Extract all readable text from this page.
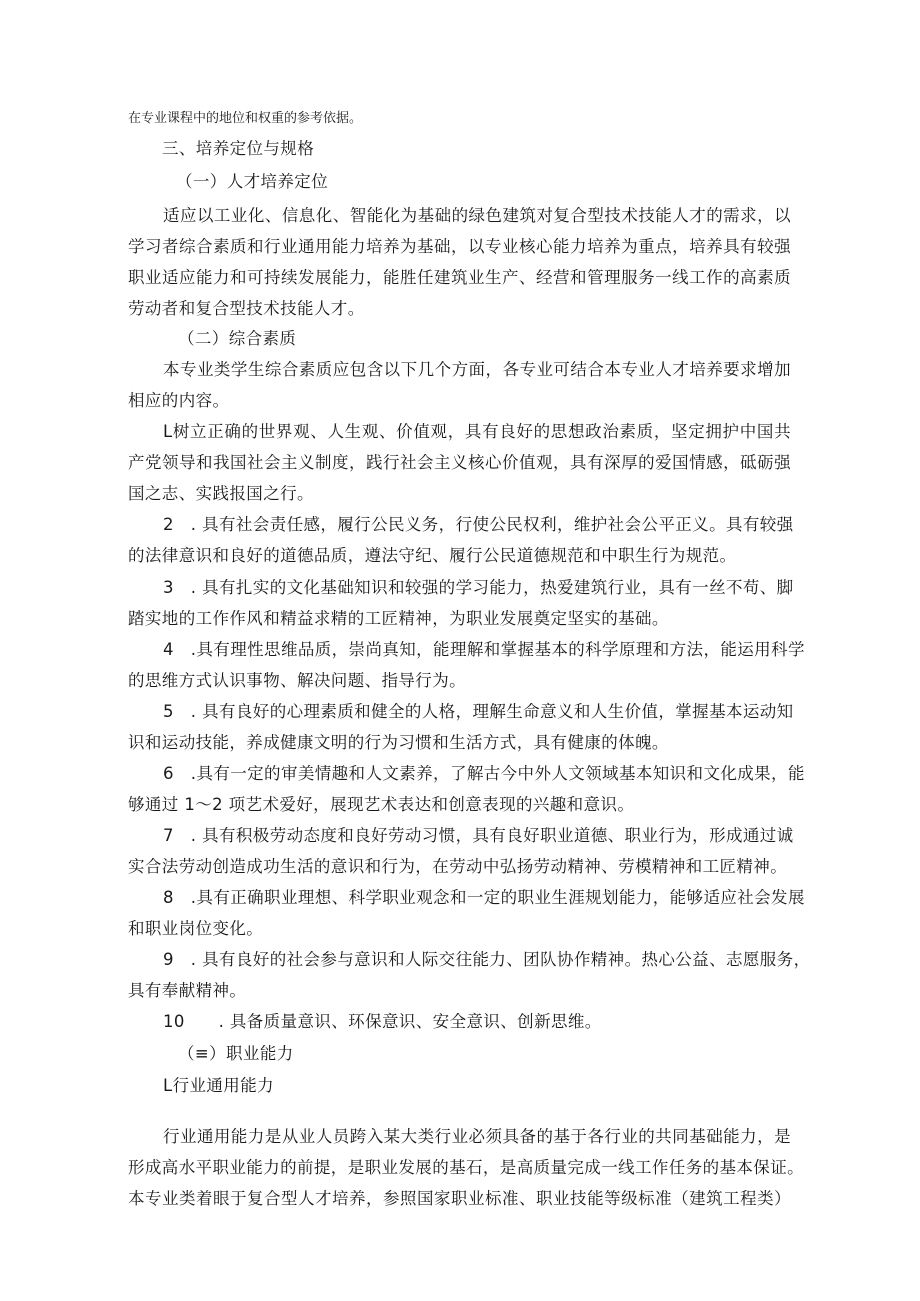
在专业课程中的地位和权重的参考依据。
三、培养定位与规格
（一）人才培养定位
适应以工业化、信息化、智能化为基础的绿色建筑对复合型技术技能人才的需求，以
学习者综合素质和行业通用能力培养为基础，以专业核心能力培养为重点，培养具有较强
职业适应能力和可持续发展能力，能胜任建筑业生产、经营和管理服务一线工作的高素质
劳动者和复合型技术技能人才。
（二）综合素质
本专业类学生综合素质应包含以下几个方面，各专业可结合本专业人才培养要求增加
相应的内容。
L树立正确的世界观、人生观、价值观，具有良好的思想政治素质，坚定拥护中国共
产党领导和我国社会主义制度，践行社会主义核心价值观，具有深厚的爱国情感，砥砺强
国之志、实践报国之行。
2　. 具有社会责任感，履行公民义务，行使公民权利，维护社会公平正义。具有较强
的法律意识和良好的道德品质，遵法守纪、履行公民道德规范和中职生行为规范。
3　. 具有扎实的文化基础知识和较强的学习能力，热爱建筑行业，具有一丝不苟、脚
踏实地的工作作风和精益求精的工匠精神，为职业发展奠定坚实的基础。
4　.具有理性思维品质，崇尚真知，能理解和掌握基本的科学原理和方法，能运用科学
的思维方式认识事物、解决问题、指导行为。
5　. 具有良好的心理素质和健全的人格，理解生命意义和人生价值，掌握基本运动知
识和运动技能，养成健康文明的行为习惯和生活方式，具有健康的体魄。
6　.具有一定的审美情趣和人文素养，了解古今中外人文领域基本知识和文化成果，能
够通过 1～2 项艺术爱好，展现艺术表达和创意表现的兴趣和意识。
7　. 具有积极劳动态度和良好劳动习惯，具有良好职业道德、职业行为，形成通过诚
实合法劳动创造成功生活的意识和行为，在劳动中弘扬劳动精神、劳模精神和工匠精神。
8　.具有正确职业理想、科学职业观念和一定的职业生涯规划能力，能够适应社会发展
和职业岗位变化。
9　. 具有良好的社会参与意识和人际交往能力、团队协作精神。热心公益、志愿服务，
具有奉献精神。
10　　. 具备质量意识、环保意识、安全意识、创新思维。
（≡）职业能力
L行业通用能力
行业通用能力是从业人员跨入某大类行业必须具备的基于各行业的共同基础能力，是
形成高水平职业能力的前提，是职业发展的基石，是高质量完成一线工作任务的基本保证。
本专业类着眼于复合型人才培养，参照国家职业标准、职业技能等级标准（建筑工程类）
